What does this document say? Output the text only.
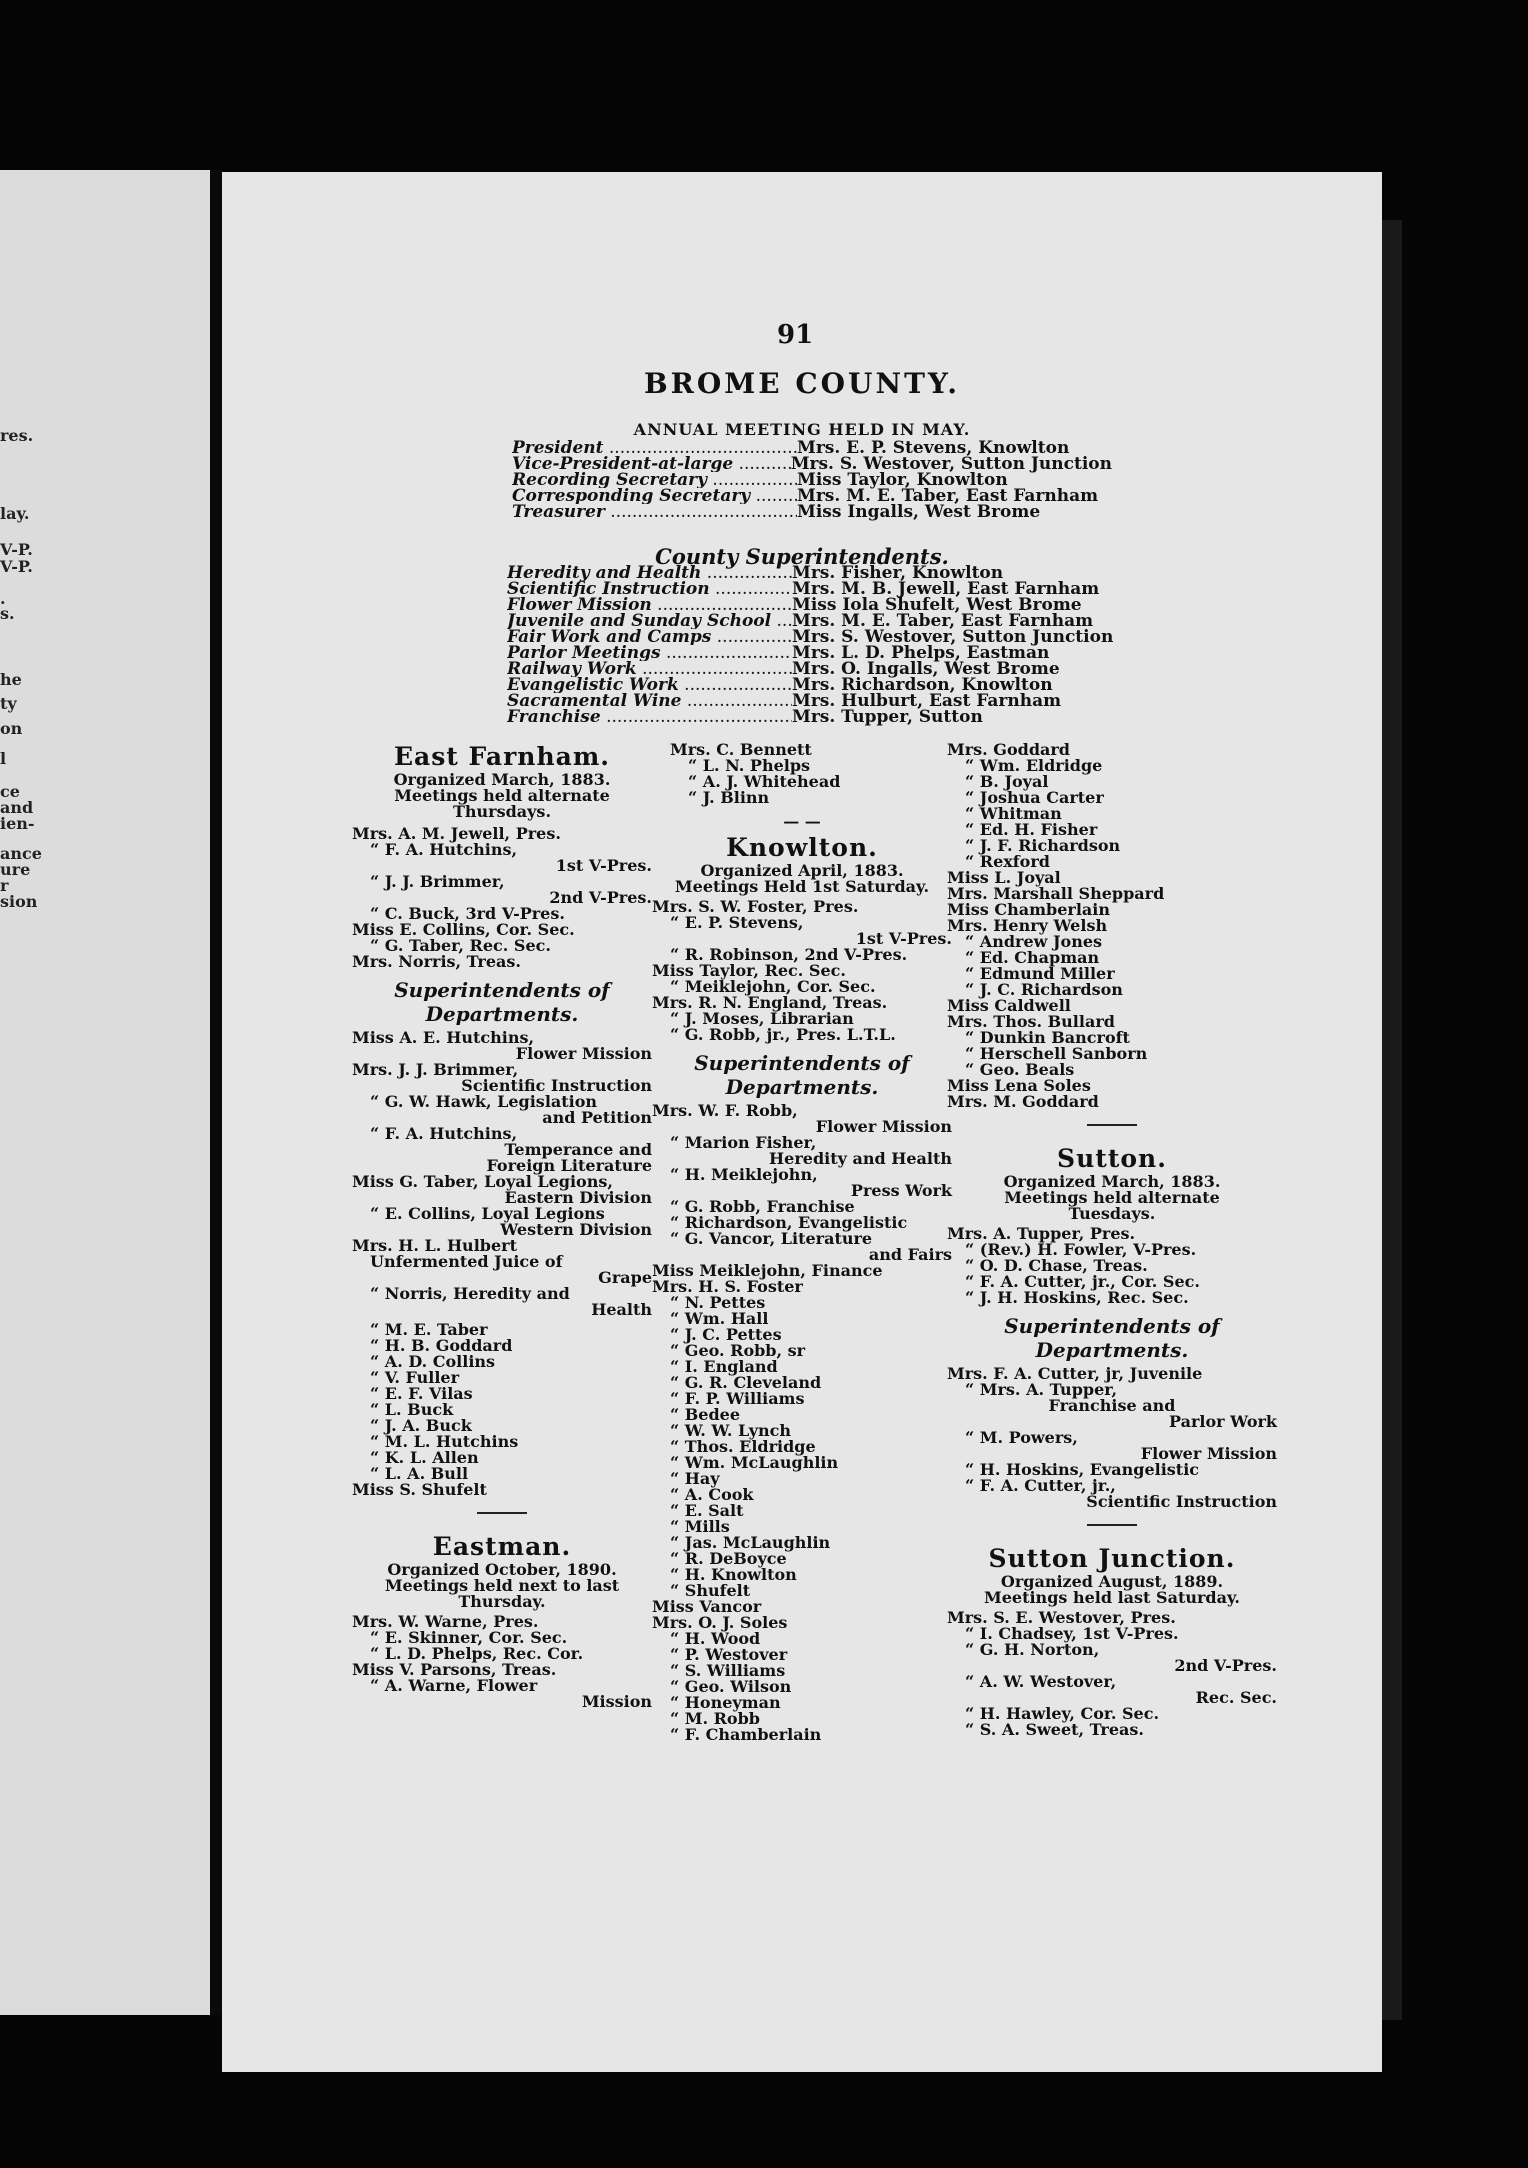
res.
lay.
V-P.
V-P.
.
s.
he
ty
on
l
ce
and
ien-
ance
ure
r
sion
91
BROME COUNTY.
ANNUAL MEETING HELD IN MAY.
President .....	Mrs. E. P. Stevens, Knowlton
Vice-President-at-large .....	Mrs. S. Westover, Sutton Junction
Recording Secretary .....	Miss Taylor, Knowlton
Corresponding Secretary .....	Mrs. M. E. Taber, East Farnham
Treasurer .....	Miss Ingalls, West Brome
County Superintendents.
Heredity and Health .....	Mrs. Fisher, Knowlton
Scientific Instruction .....	Mrs. M. B. Jewell, East Farnham
Flower Mission .....	Miss Iola Shufelt, West Brome
Juvenile and Sunday School .....	Mrs. M. E. Taber, East Farnham
Fair Work and Camps .....	Mrs. S. Westover, Sutton Junction
Parlor Meetings .....	Mrs. L. D. Phelps, Eastman
Railway Work .....	Mrs. O. Ingalls, West Brome
Evangelistic Work .....	Mrs. Richardson, Knowlton
Sacramental Wine .....	Mrs. Hulburt, East Farnham
Franchise .....	Mrs. Tupper, Sutton
East Farnham.
Organized March, 1883.
Meetings held alternate
Thursdays.
Mrs. A. M. Jewell, Pres.
“ F. A. Hutchins,
1st V-Pres.
“ J. J. Brimmer,
2nd V-Pres.
“ C. Buck, 3rd V-Pres.
Miss E. Collins, Cor. Sec.
“ G. Taber, Rec. Sec.
Mrs. Norris, Treas.
Superintendents of
Departments.
Miss A. E. Hutchins,
Flower Mission
Mrs. J. J. Brimmer,
Scientific Instruction
“ G. W. Hawk, Legislation
and Petition
“ F. A. Hutchins,
Temperance and
Foreign Literature
Miss G. Taber, Loyal Legions,
Eastern Division
“ E. Collins, Loyal Legions
Western Division
Mrs. H. L. Hulbert
Unfermented Juice of
Grape
“ Norris, Heredity and
Health
“ M. E. Taber
“ H. B. Goddard
“ A. D. Collins
“ V. Fuller
“ E. F. Vilas
“ L. Buck
“ J. A. Buck
“ M. L. Hutchins
“ K. L. Allen
“ L. A. Bull
Miss S. Shufelt
Eastman.
Organized October, 1890.
Meetings held next to last
Thursday.
Mrs. W. Warne, Pres.
“ E. Skinner, Cor. Sec.
“ L. D. Phelps, Rec. Cor.
Miss V. Parsons, Treas.
“ A. Warne, Flower
Mission
Mrs. C. Bennett
“ L. N. Phelps
“ A. J. Whitehead
“ J. Blinn
— —
Knowlton.
Organized April, 1883.
Meetings Held 1st Saturday.
Mrs. S. W. Foster, Pres.
“ E. P. Stevens,
1st V-Pres.
“ R. Robinson, 2nd V-Pres.
Miss Taylor, Rec. Sec.
“ Meiklejohn, Cor. Sec.
Mrs. R. N. England, Treas.
“ J. Moses, Librarian
“ G. Robb, jr., Pres. L.T.L.
Superintendents of
Departments.
Mrs. W. F. Robb,
Flower Mission
“ Marion Fisher,
Heredity and Health
“ H. Meiklejohn,
Press Work
“ G. Robb, Franchise
“ Richardson, Evangelistic
“ G. Vancor, Literature
and Fairs
Miss Meiklejohn, Finance
Mrs. H. S. Foster
“ N. Pettes
“ Wm. Hall
“ J. C. Pettes
“ Geo. Robb, sr
“ I. England
“ G. R. Cleveland
“ F. P. Williams
“ Bedee
“ W. W. Lynch
“ Thos. Eldridge
“ Wm. McLaughlin
“ Hay
“ A. Cook
“ E. Salt
“ Mills
“ Jas. McLaughlin
“ R. DeBoyce
“ H. Knowlton
“ Shufelt
Miss Vancor
Mrs. O. J. Soles
“ H. Wood
“ P. Westover
“ S. Williams
“ Geo. Wilson
“ Honeyman
“ M. Robb
“ F. Chamberlain
Mrs. Goddard
“ Wm. Eldridge
“ B. Joyal
“ Joshua Carter
“ Whitman
“ Ed. H. Fisher
“ J. F. Richardson
“ Rexford
Miss L. Joyal
Mrs. Marshall Sheppard
Miss Chamberlain
Mrs. Henry Welsh
“ Andrew Jones
“ Ed. Chapman
“ Edmund Miller
“ J. C. Richardson
Miss Caldwell
Mrs. Thos. Bullard
“ Dunkin Bancroft
“ Herschell Sanborn
“ Geo. Beals
Miss Lena Soles
Mrs. M. Goddard
Sutton.
Organized March, 1883.
Meetings held alternate
Tuesdays.
Mrs. A. Tupper, Pres.
“ (Rev.) H. Fowler, V-Pres.
“ O. D. Chase, Treas.
“ F. A. Cutter, jr., Cor. Sec.
“ J. H. Hoskins, Rec. Sec.
Superintendents of
Departments.
Mrs. F. A. Cutter, jr, Juvenile
“ Mrs. A. Tupper,
Franchise and
Parlor Work
“ M. Powers,
Flower Mission
“ H. Hoskins, Evangelistic
“ F. A. Cutter, jr.,
Scientific Instruction
Sutton Junction.
Organized August, 1889.
Meetings held last Saturday.
Mrs. S. E. Westover, Pres.
“ I. Chadsey, 1st V-Pres.
“ G. H. Norton,
2nd V-Pres.
“ A. W. Westover,
Rec. Sec.
“ H. Hawley, Cor. Sec.
“ S. A. Sweet, Treas.
